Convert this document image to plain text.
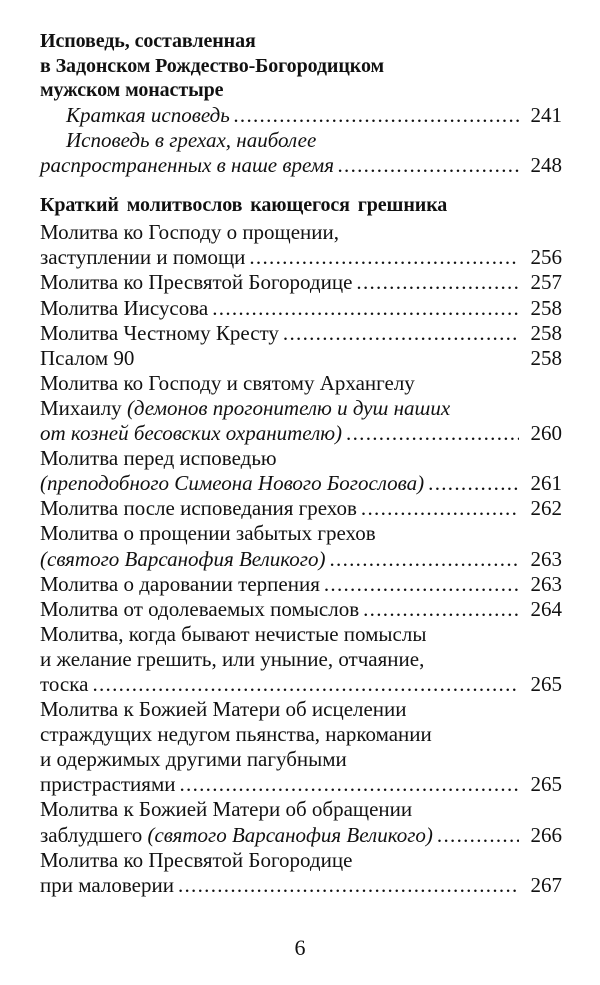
Исповедь, составленная
в Задонском Рождество-Богородицком
мужском монастыре
Краткая исповедь .....	241
Исповедь в грехах, наиболее
распространенных в наше время .....	248
Краткий молитвослов кающегося грешника
Молитва ко Господу о прощении,
заступлении и помощи .....	256
Молитва ко Пресвятой Богородице .....	257
Молитва Иисусова .....	258
Молитва Честному Кресту .....	258
Псалом 90	258
Молитва ко Господу и святому Архангелу
Михаилу (демонов прогонителю и душ наших
от козней бесовских охранителю) .....	260
Молитва перед исповедью
(преподобного Симеона Нового Богослова) .....	261
Молитва после исповедания грехов .....	262
Молитва о прощении забытых грехов
(святого Варсанофия Великого) .....	263
Молитва о даровании терпения .....	263
Молитва от одолеваемых помыслов .....	264
Молитва, когда бывают нечистые помыслы
и желание грешить, или уныние, отчаяние,
тоска .....	265
Молитва к Божией Матери об исцелении
страждущих недугом пьянства, наркомании
и одержимых другими пагубными
пристрастиями .....	265
Молитва к Божией Матери об обращении
заблудшего (святого Варсанофия Великого) .....	266
Молитва ко Пресвятой Богородице
при маловерии .....	267
6
